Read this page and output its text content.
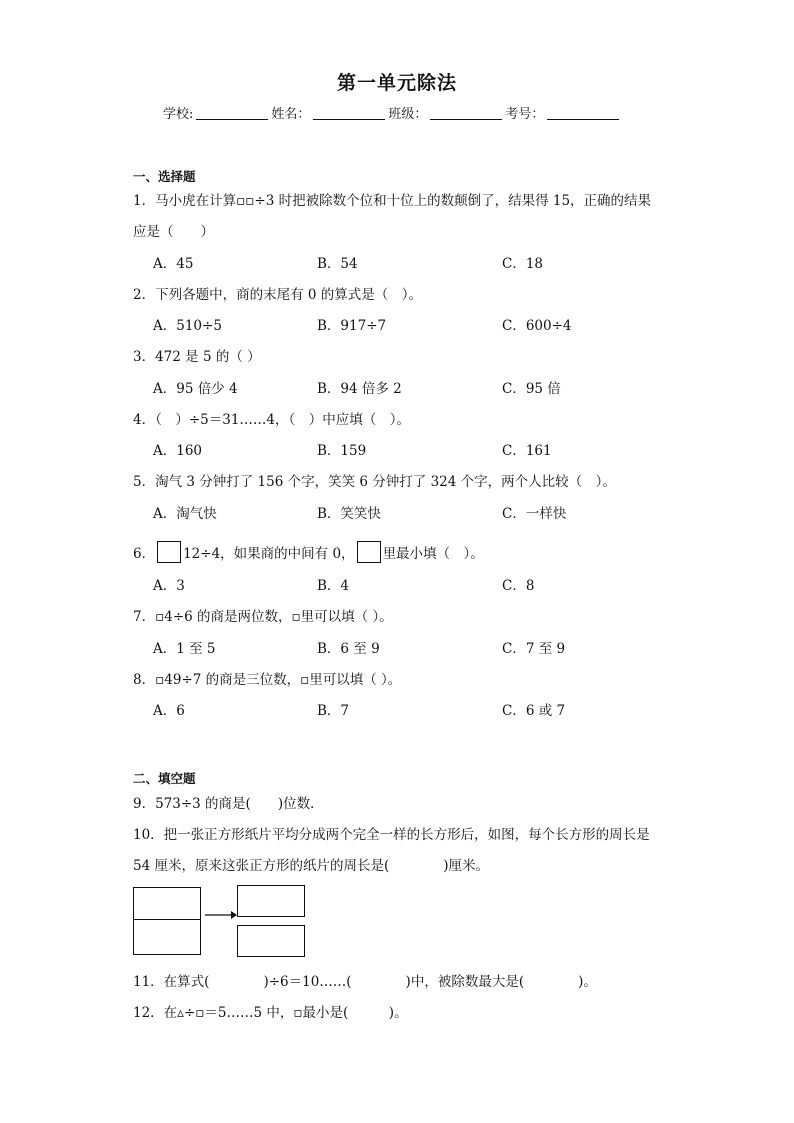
第一单元除法
学校:	姓名：	班级：	考号：
一、选择题
1．马小虎在计算▫▫÷3 时把被除数个位和十位上的数颠倒了，结果得 15，正确的结果
应是（　　）
A．45	B．54	C．18
2．下列各题中，商的末尾有 0 的算式是（　）。
A．510÷5	B．917÷7	C．600÷4
3．472 是 5 的（ ）
A．95 倍少 4	B．94 倍多 2	C．95 倍
4．（　）÷5＝31……4，（　）中应填（　）。
A．160	B．159	C．161
5．淘气 3 分钟打了 156 个字，笑笑 6 分钟打了 324 个字，两个人比较（　）。
A．淘气快	B．笑笑快	C．一样快
6． 12÷4，如果商的中间有 0， 里最小填（　）。
A．3	B．4	C．8
7．▫4÷6 的商是两位数，▫里可以填（ ）。
A．1 至 5	B．6 至 9	C．7 至 9
8．▫49÷7 的商是三位数，▫里可以填（ ）。
A．6	B．7	C．6 或 7
二、填空题
9．573÷3 的商是(　　)位数．
10．把一张正方形纸片平均分成两个完全一样的长方形后，如图，每个长方形的周长是
54 厘米，原来这张正方形的纸片的周长是(　　　　)厘米。
11．在算式(　　　　)÷6＝10……(　　　　)中，被除数最大是(　　　　)。
12．在▵÷▫＝5……5 中，▫最小是(　　　)。
